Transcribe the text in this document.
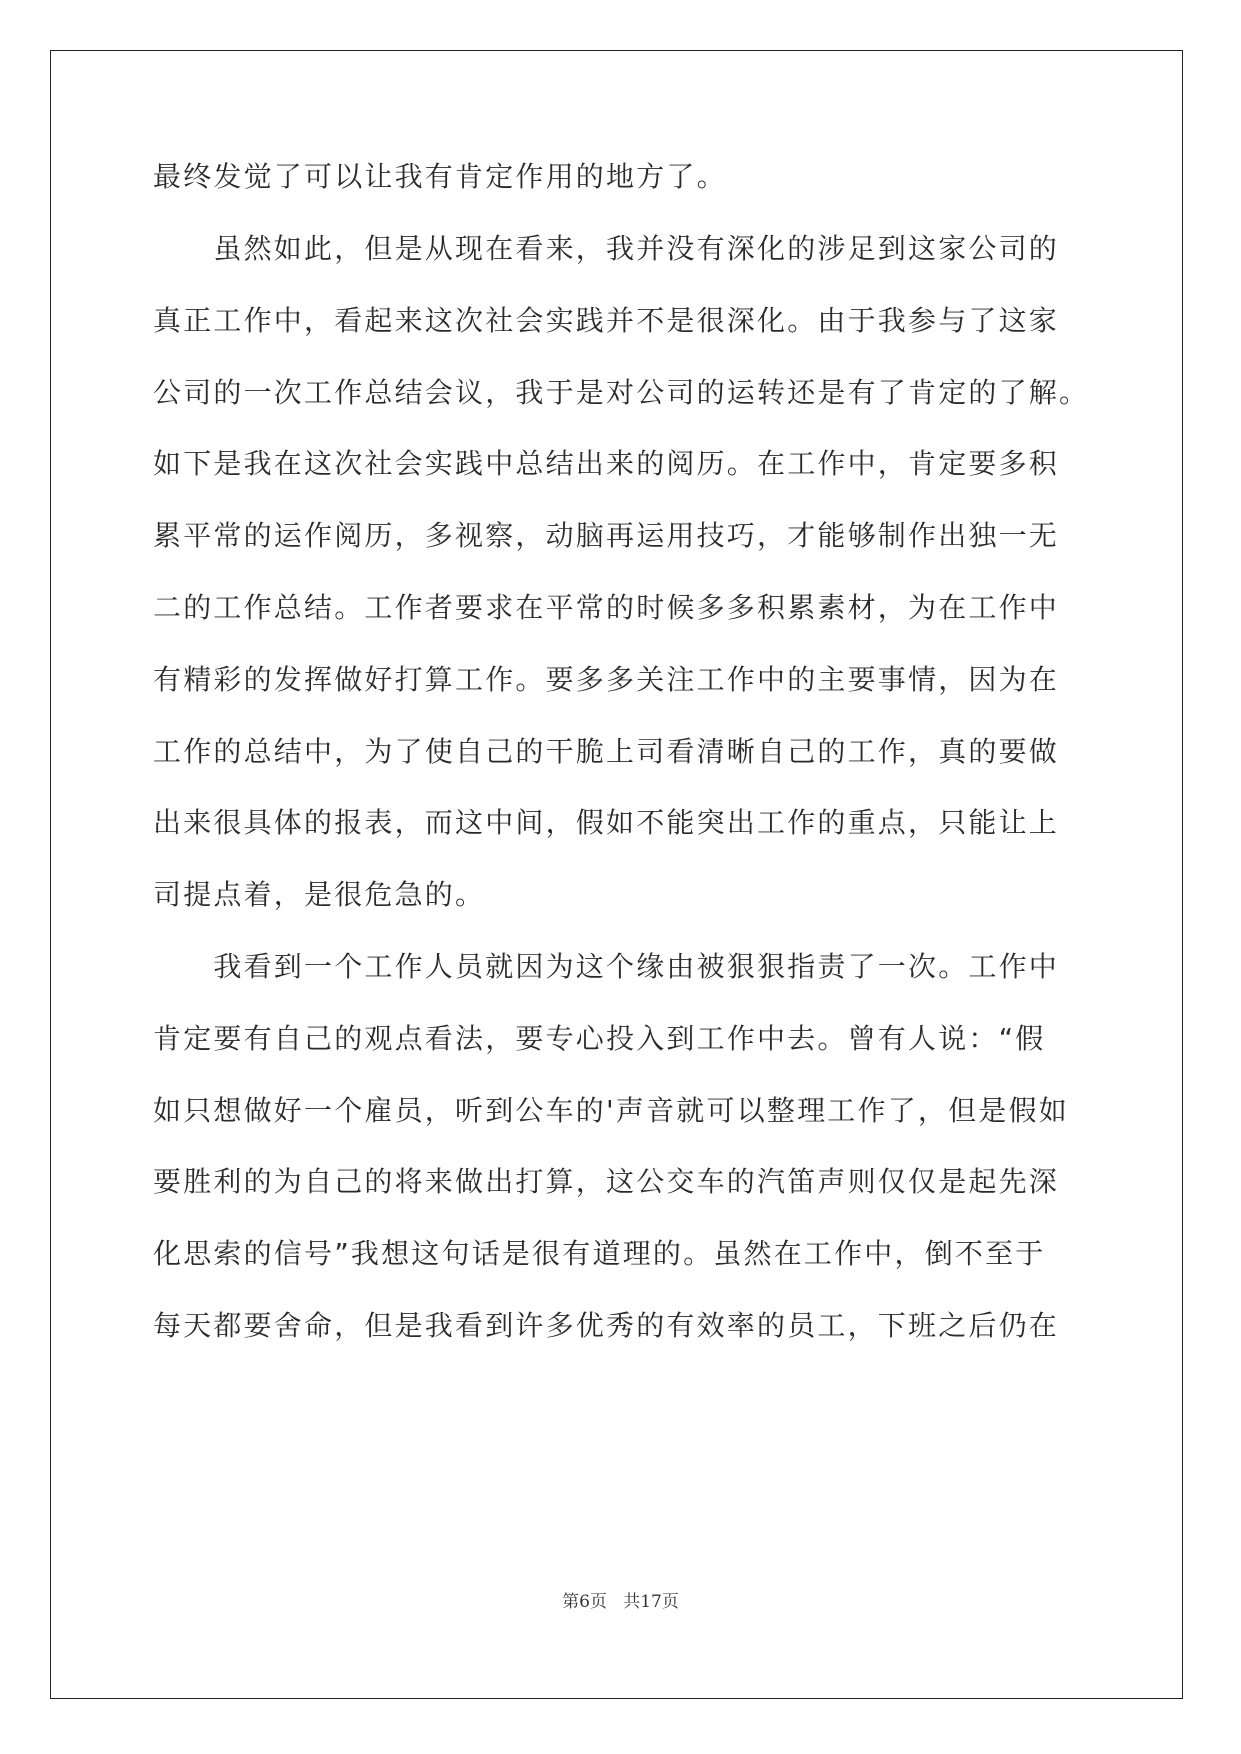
最终发觉了可以让我有肯定作用的地方了。
　　虽然如此，但是从现在看来，我并没有深化的涉足到这家公司的
真正工作中，看起来这次社会实践并不是很深化。由于我参与了这家
公司的一次工作总结会议，我于是对公司的运转还是有了肯定的了解。
如下是我在这次社会实践中总结出来的阅历。在工作中，肯定要多积
累平常的运作阅历，多视察，动脑再运用技巧，才能够制作出独一无
二的工作总结。工作者要求在平常的时候多多积累素材，为在工作中
有精彩的发挥做好打算工作。要多多关注工作中的主要事情，因为在
工作的总结中，为了使自己的干脆上司看清晰自己的工作，真的要做
出来很具体的报表，而这中间，假如不能突出工作的重点，只能让上
司提点着，是很危急的。
　　我看到一个工作人员就因为这个缘由被狠狠指责了一次。工作中
肯定要有自己的观点看法，要专心投入到工作中去。曾有人说：“假
如只想做好一个雇员，听到公车的'声音就可以整理工作了，但是假如
要胜利的为自己的将来做出打算，这公交车的汽笛声则仅仅是起先深
化思索的信号”我想这句话是很有道理的。虽然在工作中，倒不至于
每天都要舍命，但是我看到许多优秀的有效率的员工，下班之后仍在
第6页 共17页
